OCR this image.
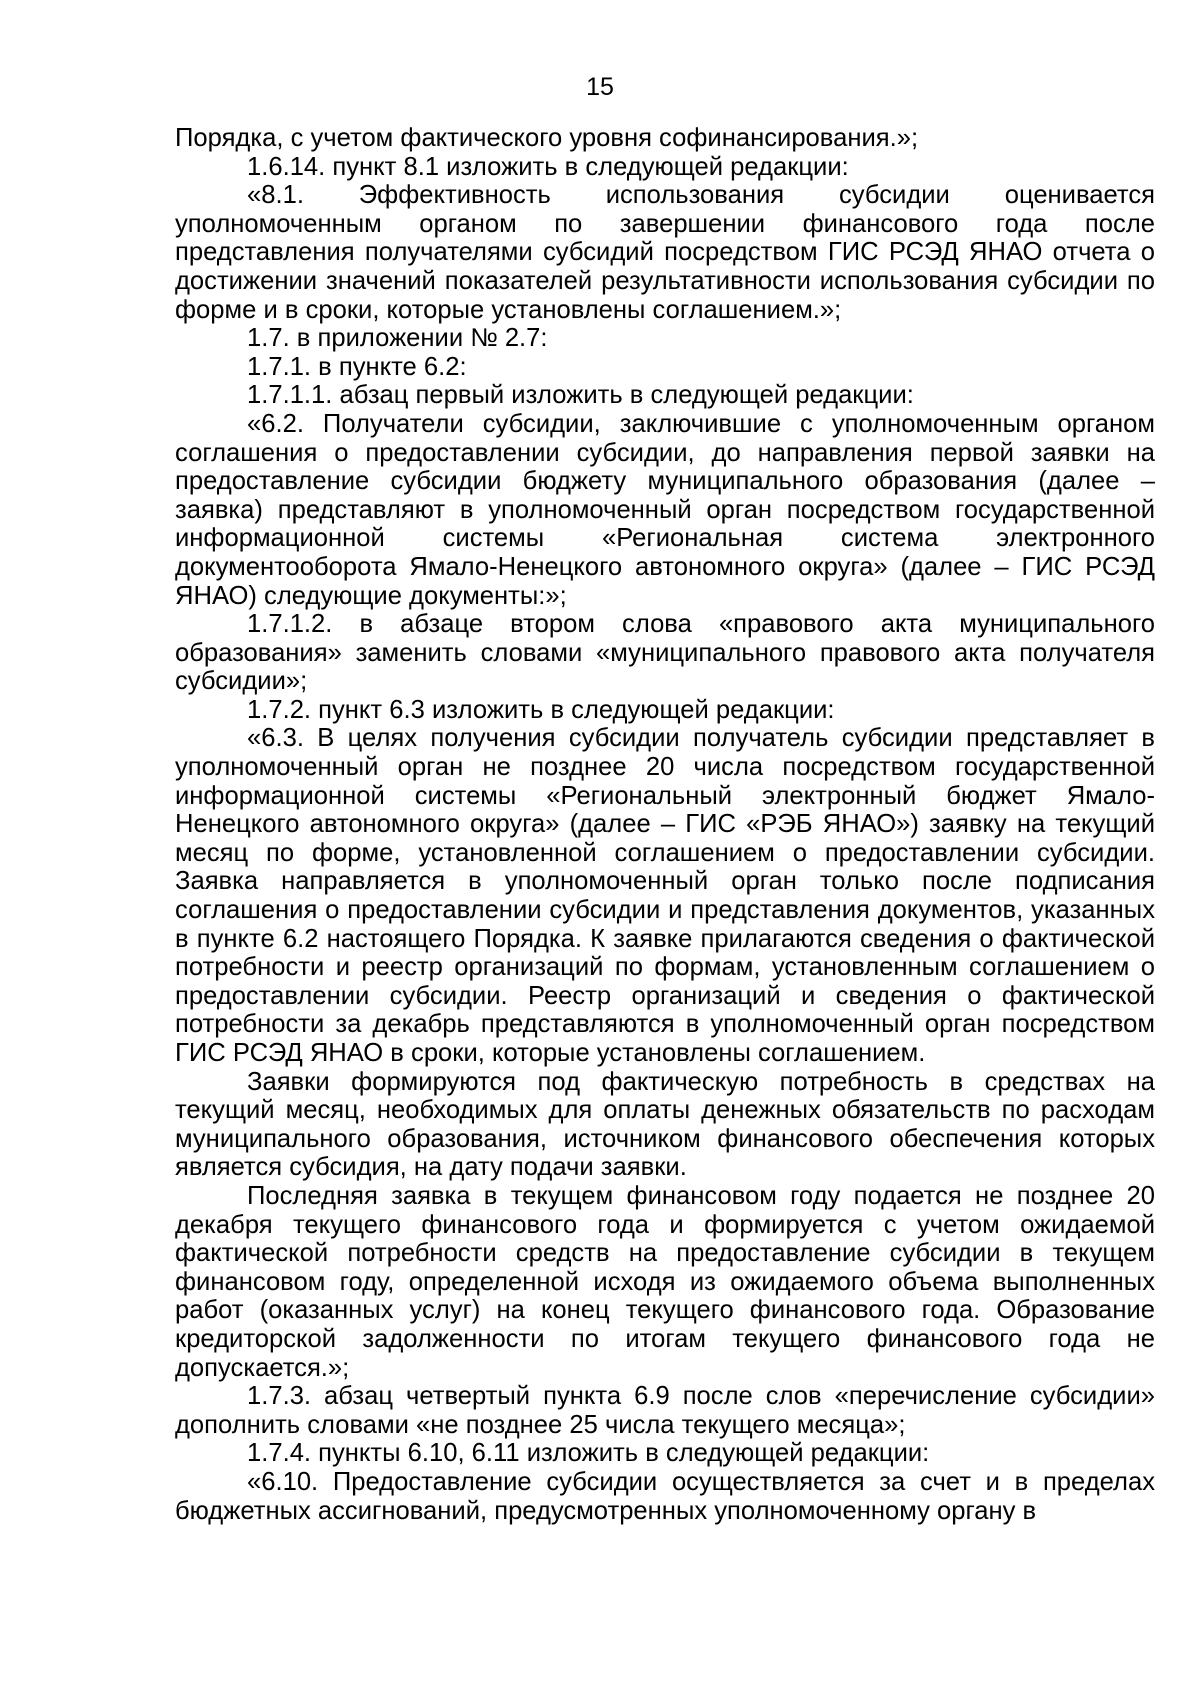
15

Порядка, с учетом фактического уровня софинансирования.»;

1.6.14. пункт 8.1 изложить в следующей редакции:

«8.1. Эффективность использования субсидии оценивается уполномоченным органом по завершении финансового года после представления получателями субсидий посредством ГИС РСЭД ЯНАО отчета о достижении значений показателей результативности использования субсидии по форме и в сроки, которые установлены соглашением.»;

1.7. в приложении № 2.7:

1.7.1. в пункте 6.2:

1.7.1.1. абзац первый изложить в следующей редакции:

«6.2. Получатели субсидии, заключившие с уполномоченным органом соглашения о предоставлении субсидии, до направления первой заявки на предоставление субсидии бюджету муниципального образования (далее – заявка) представляют в уполномоченный орган посредством государственной информационной системы «Региональная система электронного документооборота Ямало-Ненецкого автономного округа» (далее – ГИС РСЭД ЯНАО) следующие документы:»;

1.7.1.2. в абзаце втором слова «правового акта муниципального образования» заменить словами «муниципального правового акта получателя субсидии»;

1.7.2. пункт 6.3 изложить в следующей редакции:

«6.3. В целях получения субсидии получатель субсидии представляет в уполномоченный орган не позднее 20 числа посредством государственной информационной системы «Региональный электронный бюджет Ямало-Ненецкого автономного округа» (далее – ГИС «РЭБ ЯНАО») заявку на текущий месяц по форме, установленной соглашением о предоставлении субсидии. Заявка направляется в уполномоченный орган только после подписания соглашения о предоставлении субсидии и представления документов, указанных в пункте 6.2 настоящего Порядка. К заявке прилагаются сведения о фактической потребности и реестр организаций по формам, установленным соглашением о предоставлении субсидии. Реестр организаций и сведения о фактической потребности за декабрь представляются в уполномоченный орган посредством ГИС РСЭД ЯНАО в сроки, которые установлены соглашением.

Заявки формируются под фактическую потребность в средствах на текущий месяц, необходимых для оплаты денежных обязательств по расходам муниципального образования, источником финансового обеспечения которых является субсидия, на дату подачи заявки.

Последняя заявка в текущем финансовом году подается не позднее 20 декабря текущего финансового года и формируется с учетом ожидаемой фактической потребности средств на предоставление субсидии в текущем финансовом году, определенной исходя из ожидаемого объема выполненных работ (оказанных услуг) на конец текущего финансового года. Образование кредиторской задолженности по итогам текущего финансового года не допускается.»;

1.7.3. абзац четвертый пункта 6.9 после слов «перечисление субсидии» дополнить словами «не позднее 25 числа текущего месяца»;

1.7.4. пункты 6.10, 6.11 изложить в следующей редакции:

«6.10. Предоставление субсидии осуществляется за счет и в пределах бюджетных ассигнований, предусмотренных уполномоченному органу в
